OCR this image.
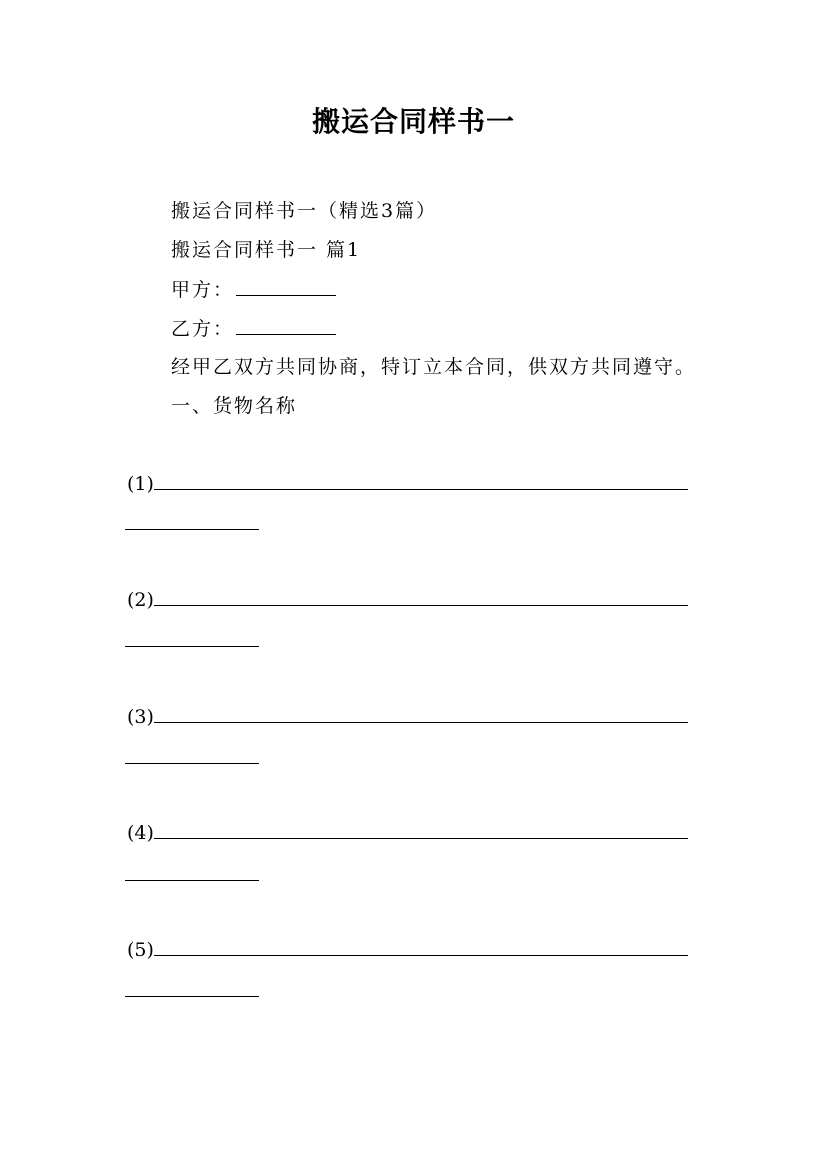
搬运合同样书一
搬运合同样书一（精选3篇）
搬运合同样书一 篇1
甲方：
乙方：
经甲乙双方共同协商，特订立本合同，供双方共同遵守。
一、货物名称
(1)
(2)
(3)
(4)
(5)
